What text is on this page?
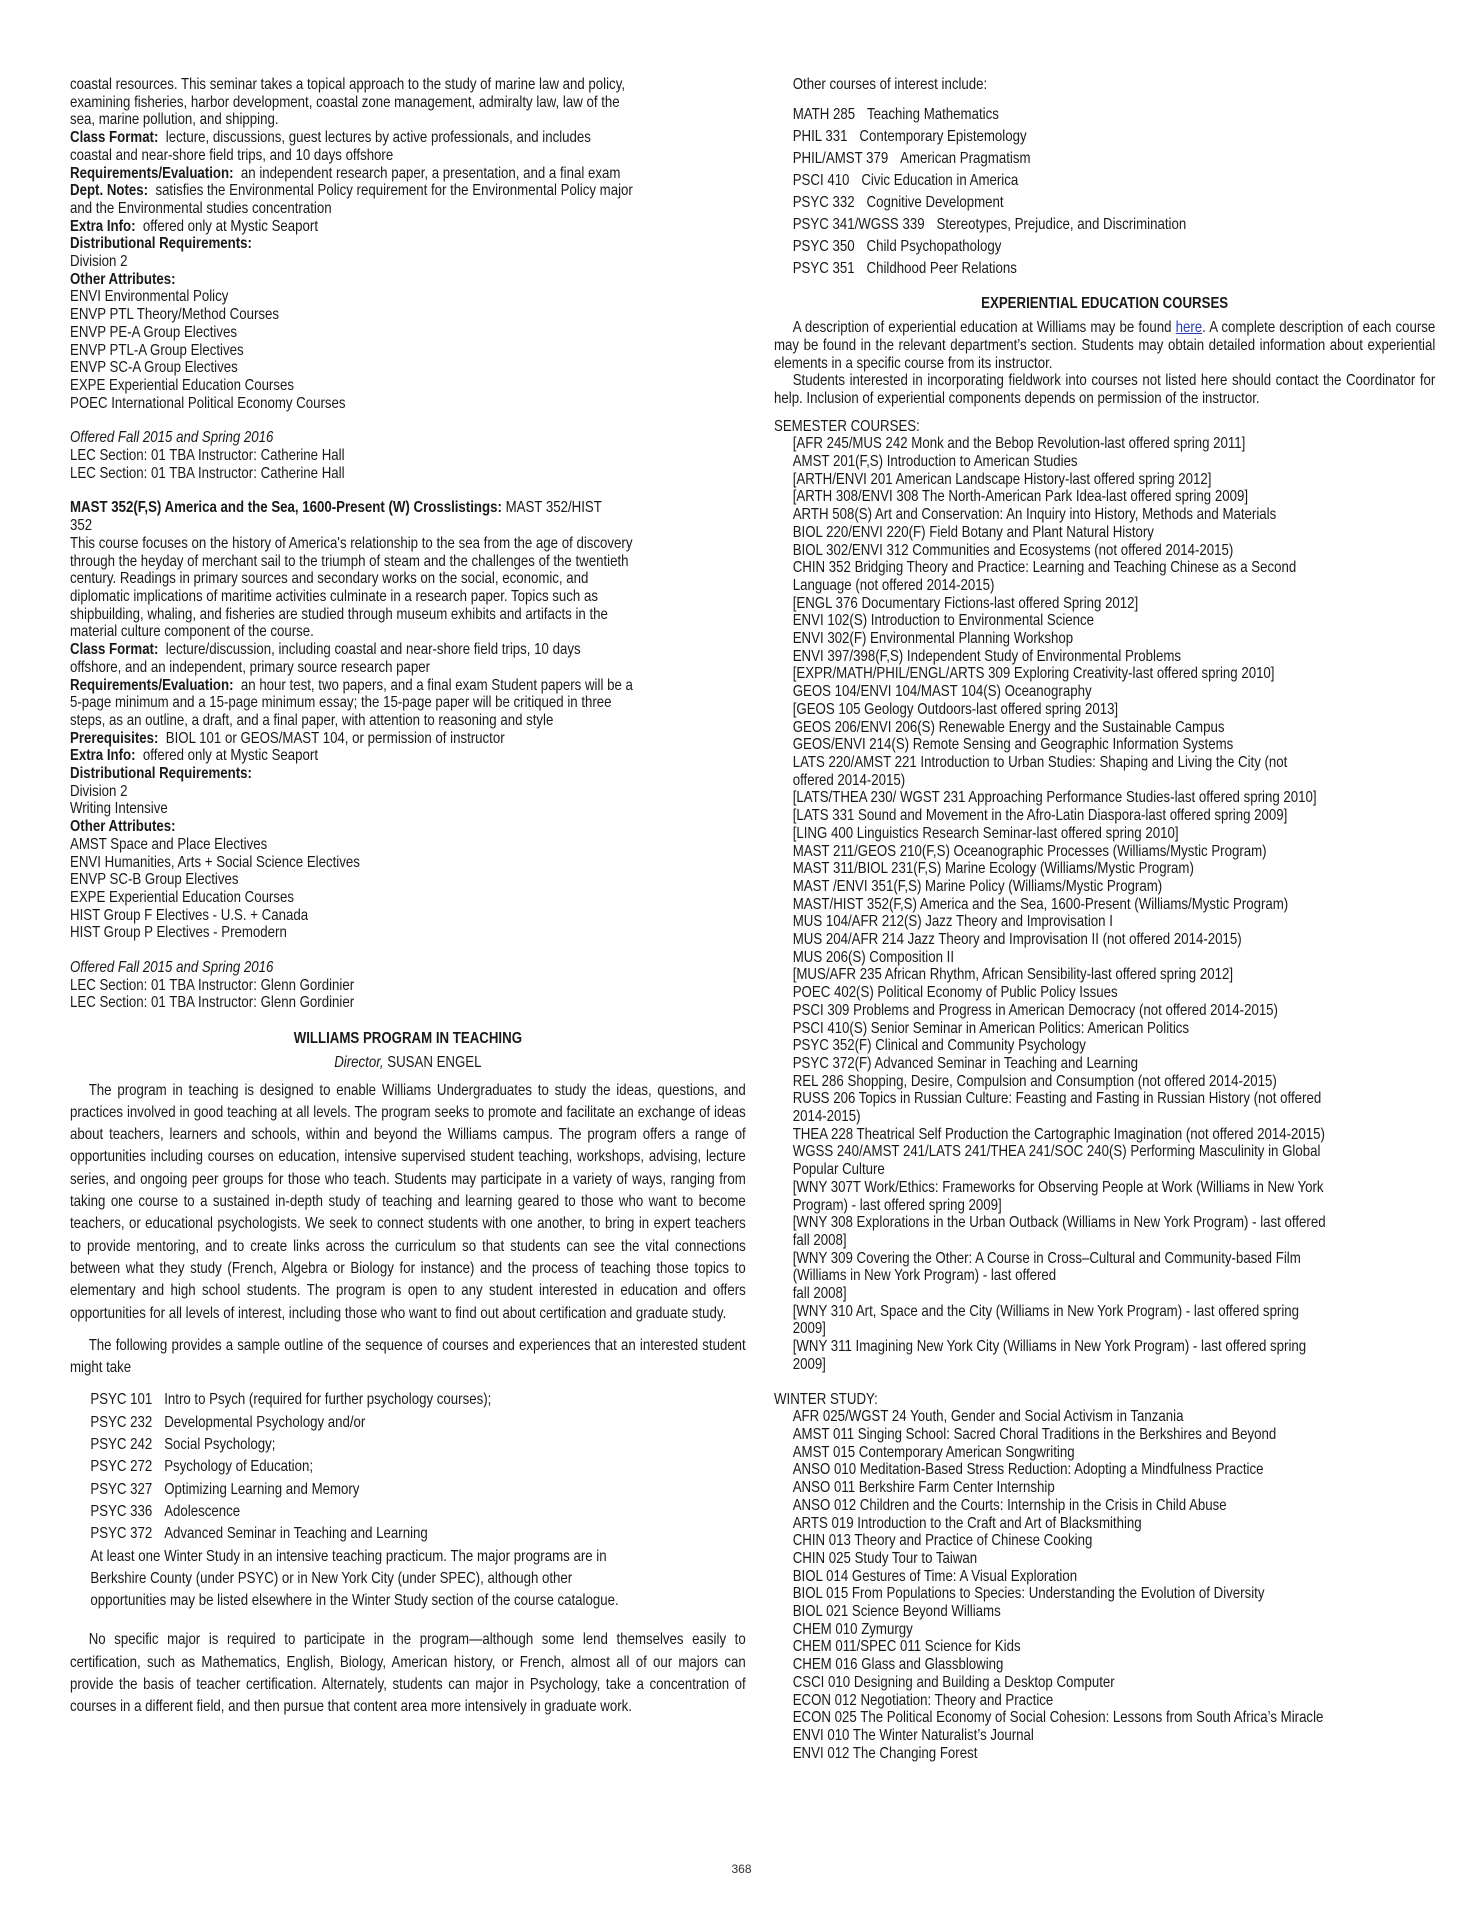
coastal resources. This seminar takes a topical approach to the study of marine law and policy,
examining fisheries, harbor development, coastal zone management, admiralty law, law of the
sea, marine pollution, and shipping.
Class Format: lecture, discussions, guest lectures by active professionals, and includes
coastal and near-shore field trips, and 10 days offshore
Requirements/Evaluation: an independent research paper, a presentation, and a final exam
Dept. Notes: satisfies the Environmental Policy requirement for the Environmental Policy major
and the Environmental studies concentration
Extra Info: offered only at Mystic Seaport
Distributional Requirements:
Division 2
Other Attributes:
ENVI Environmental Policy
ENVP PTL Theory/Method Courses
ENVP PE-A Group Electives
ENVP PTL-A Group Electives
ENVP SC-A Group Electives
EXPE Experiential Education Courses
POEC International Political Economy Courses
Offered Fall 2015 and Spring 2016
LEC Section: 01 TBA Instructor: Catherine Hall
LEC Section: 01 TBA Instructor: Catherine Hall
MAST 352(F,S) America and the Sea, 1600-Present (W) Crosslistings: MAST 352/HIST
352
This course focuses on the history of America's relationship to the sea from the age of discovery
through the heyday of merchant sail to the triumph of steam and the challenges of the twentieth
century. Readings in primary sources and secondary works on the social, economic, and
diplomatic implications of maritime activities culminate in a research paper. Topics such as
shipbuilding, whaling, and fisheries are studied through museum exhibits and artifacts in the
material culture component of the course.
Class Format: lecture/discussion, including coastal and near-shore field trips, 10 days
offshore, and an independent, primary source research paper
Requirements/Evaluation: an hour test, two papers, and a final exam Student papers will be a
5-page minimum and a 15-page minimum essay; the 15-page paper will be critiqued in three
steps, as an outline, a draft, and a final paper, with attention to reasoning and style
Prerequisites: BIOL 101 or GEOS/MAST 104, or permission of instructor
Extra Info: offered only at Mystic Seaport
Distributional Requirements:
Division 2
Writing Intensive
Other Attributes:
AMST Space and Place Electives
ENVI Humanities, Arts + Social Science Electives
ENVP SC-B Group Electives
EXPE Experiential Education Courses
HIST Group F Electives - U.S. + Canada
HIST Group P Electives - Premodern
Offered Fall 2015 and Spring 2016
LEC Section: 01 TBA Instructor: Glenn Gordinier
LEC Section: 01 TBA Instructor: Glenn Gordinier
WILLIAMS PROGRAM IN TEACHING
Director, SUSAN ENGEL
The program in teaching is designed to enable Williams Undergraduates to study the ideas, questions, and practices involved in good teaching at all levels. The program seeks to promote and facilitate an exchange of ideas about teachers, learners and schools, within and beyond the Williams campus. The program offers a range of opportunities including courses on education, intensive supervised student teaching, workshops, advising, lecture series, and ongoing peer groups for those who teach. Students may participate in a variety of ways, ranging from taking one course to a sustained in-depth study of teaching and learning geared to those who want to become teachers, or educational psychologists. We seek to connect students with one another, to bring in expert teachers to provide mentoring, and to create links across the curriculum so that students can see the vital connections between what they study (French, Algebra or Biology for instance) and the process of teaching those topics to elementary and high school students. The program is open to any student interested in education and offers opportunities for all levels of interest, including those who want to find out about certification and graduate study.
The following provides a sample outline of the sequence of courses and experiences that an interested student might take
PSYC 101 Intro to Psych (required for further psychology courses);
PSYC 232 Developmental Psychology and/or
PSYC 242 Social Psychology;
PSYC 272 Psychology of Education;
PSYC 327 Optimizing Learning and Memory
PSYC 336 Adolescence
PSYC 372 Advanced Seminar in Teaching and Learning
At least one Winter Study in an intensive teaching practicum. The major programs are in
Berkshire County (under PSYC) or in New York City (under SPEC), although other
opportunities may be listed elsewhere in the Winter Study section of the course catalogue.
No specific major is required to participate in the program—although some lend themselves easily to certification, such as Mathematics, English, Biology, American history, or French, almost all of our majors can provide the basis of teacher certification. Alternately, students can major in Psychology, take a concentration of courses in a different field, and then pursue that content area more intensively in graduate work.
Other courses of interest include:
MATH 285 Teaching Mathematics
PHIL 331 Contemporary Epistemology
PHIL/AMST 379 American Pragmatism
PSCI 410 Civic Education in America
PSYC 332 Cognitive Development
PSYC 341/WGSS 339 Stereotypes, Prejudice, and Discrimination
PSYC 350 Child Psychopathology
PSYC 351 Childhood Peer Relations
EXPERIENTIAL EDUCATION COURSES
A description of experiential education at Williams may be found here. A complete description of each course may be found in the relevant department’s section. Students may obtain detailed information about experiential elements in a specific course from its instructor.
Students interested in incorporating fieldwork into courses not listed here should contact the Coordinator for help. Inclusion of experiential components depends on permission of the instructor.
SEMESTER COURSES:
[AFR 245/MUS 242 Monk and the Bebop Revolution-last offered spring 2011]
AMST 201(F,S) Introduction to American Studies
[ARTH/ENVI 201 American Landscape History-last offered spring 2012]
[ARTH 308/ENVI 308 The North-American Park Idea-last offered spring 2009]
ARTH 508(S) Art and Conservation: An Inquiry into History, Methods and Materials
BIOL 220/ENVI 220(F) Field Botany and Plant Natural History
BIOL 302/ENVI 312 Communities and Ecosystems (not offered 2014-2015)
CHIN 352 Bridging Theory and Practice: Learning and Teaching Chinese as a Second
Language (not offered 2014-2015)
[ENGL 376 Documentary Fictions-last offered Spring 2012]
ENVI 102(S) Introduction to Environmental Science
ENVI 302(F) Environmental Planning Workshop
ENVI 397/398(F,S) Independent Study of Environmental Problems
[EXPR/MATH/PHIL/ENGL/ARTS 309 Exploring Creativity-last offered spring 2010]
GEOS 104/ENVI 104/MAST 104(S) Oceanography
[GEOS 105 Geology Outdoors-last offered spring 2013]
GEOS 206/ENVI 206(S) Renewable Energy and the Sustainable Campus
GEOS/ENVI 214(S) Remote Sensing and Geographic Information Systems
LATS 220/AMST 221 Introduction to Urban Studies: Shaping and Living the City (not
offered 2014-2015)
[LATS/THEA 230/ WGST 231 Approaching Performance Studies-last offered spring 2010]
[LATS 331 Sound and Movement in the Afro-Latin Diaspora-last offered spring 2009]
[LING 400 Linguistics Research Seminar-last offered spring 2010]
MAST 211/GEOS 210(F,S) Oceanographic Processes (Williams/Mystic Program)
MAST 311/BIOL 231(F,S) Marine Ecology (Williams/Mystic Program)
MAST /ENVI 351(F,S) Marine Policy (Williams/Mystic Program)
MAST/HIST 352(F,S) America and the Sea, 1600-Present (Williams/Mystic Program)
MUS 104/AFR 212(S) Jazz Theory and Improvisation I
MUS 204/AFR 214 Jazz Theory and Improvisation II (not offered 2014-2015)
MUS 206(S) Composition II
[MUS/AFR 235 African Rhythm, African Sensibility-last offered spring 2012]
POEC 402(S) Political Economy of Public Policy Issues
PSCI 309 Problems and Progress in American Democracy (not offered 2014-2015)
PSCI 410(S) Senior Seminar in American Politics: American Politics
PSYC 352(F) Clinical and Community Psychology
PSYC 372(F) Advanced Seminar in Teaching and Learning
REL 286 Shopping, Desire, Compulsion and Consumption (not offered 2014-2015)
RUSS 206 Topics in Russian Culture: Feasting and Fasting in Russian History (not offered
2014-2015)
THEA 228 Theatrical Self Production the Cartographic Imagination (not offered 2014-2015)
WGSS 240/AMST 241/LATS 241/THEA 241/SOC 240(S) Performing Masculinity in Global
Popular Culture
[WNY 307T Work/Ethics: Frameworks for Observing People at Work (Williams in New York
Program) - last offered spring 2009]
[WNY 308 Explorations in the Urban Outback (Williams in New York Program) - last offered
fall 2008]
[WNY 309 Covering the Other: A Course in Cross–Cultural and Community-based Film
(Williams in New York Program) - last offered
fall 2008]
[WNY 310 Art, Space and the City (Williams in New York Program) - last offered spring
2009]
[WNY 311 Imagining New York City (Williams in New York Program) - last offered spring
2009]
WINTER STUDY:
AFR 025/WGST 24 Youth, Gender and Social Activism in Tanzania
AMST 011 Singing School: Sacred Choral Traditions in the Berkshires and Beyond
AMST 015 Contemporary American Songwriting
ANSO 010 Meditation-Based Stress Reduction: Adopting a Mindfulness Practice
ANSO 011 Berkshire Farm Center Internship
ANSO 012 Children and the Courts: Internship in the Crisis in Child Abuse
ARTS 019 Introduction to the Craft and Art of Blacksmithing
CHIN 013 Theory and Practice of Chinese Cooking
CHIN 025 Study Tour to Taiwan
BIOL 014 Gestures of Time: A Visual Exploration
BIOL 015 From Populations to Species: Understanding the Evolution of Diversity
BIOL 021 Science Beyond Williams
CHEM 010 Zymurgy
CHEM 011/SPEC 011 Science for Kids
CHEM 016 Glass and Glassblowing
CSCI 010 Designing and Building a Desktop Computer
ECON 012 Negotiation: Theory and Practice
ECON 025 The Political Economy of Social Cohesion: Lessons from South Africa’s Miracle
ENVI 010 The Winter Naturalist’s Journal
ENVI 012 The Changing Forest
368
